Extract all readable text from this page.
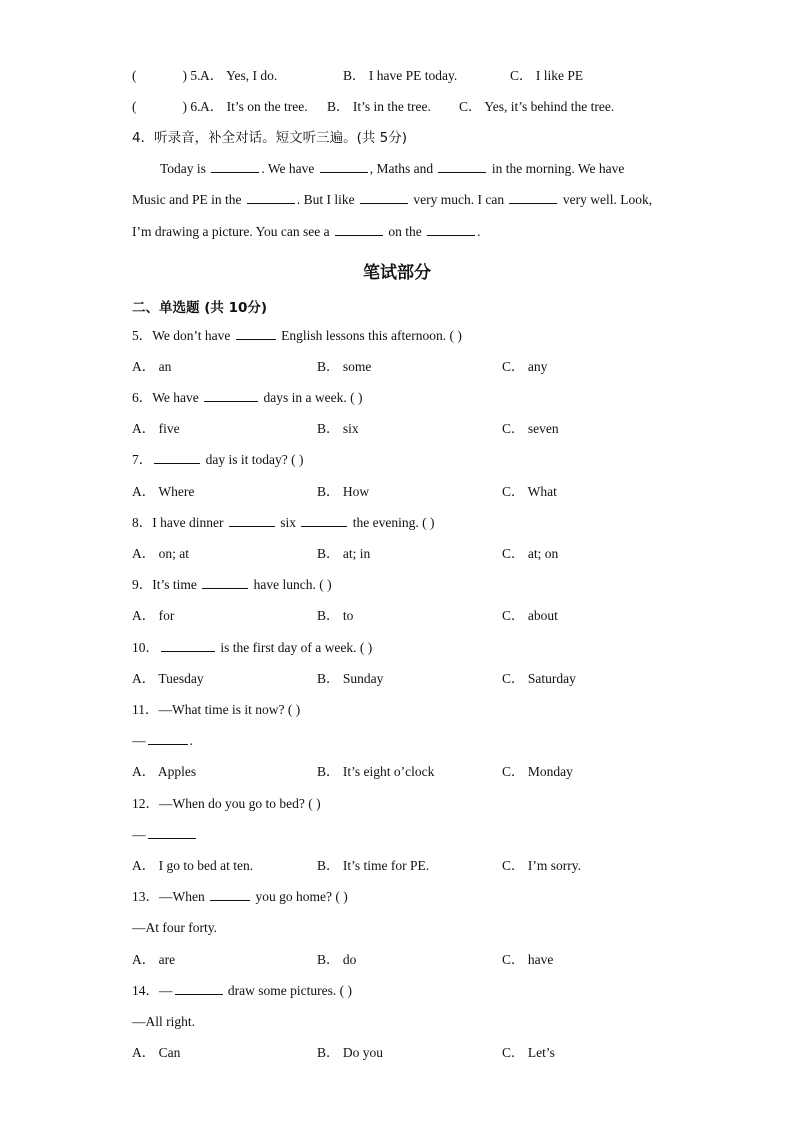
(	) 5. A． Yes, I do.	B． I have PE today.	C． I like PE
(	) 6. A． It’s on the tree. B． It’s in the tree. C． Yes, it’s behind the tree.
4．听录音，补全对话。短文听三遍。(共 5分)
Today is	. We have	, Maths and	in the morning. We have
Music and PE in the	. But I like	very much. I can	very well. Look,
I’m drawing a picture. You can see a	on the	.
笔试部分
二、单选题 (共 10分)
5．We don’t have	English lessons this afternoon. ( )
A． an	B． some	C． any
6．We have	days in a week. ( )
A． five	B． six	C． seven
7．	day is it today? ( )
A． Where	B． How	C． What
8．I have dinner	six	the evening. ( )
A． on; at	B． at; in	C． at; on
9．It’s time	have lunch. ( )
A． for	B． to	C． about
10．	is the first day of a week. ( )
A． Tuesday	B． Sunday	C． Saturday
11．—What time is it now? ( )
—	.
A． Apples	B． It’s eight o’clock	C． Monday
12．—When do you go to bed? ( )
—
A． I go to bed at ten.	B． It’s time for PE.	C． I’m sorry.
13．—When	you go home? ( )
—At four forty.
A． are	B． do	C． have
14．—	draw some pictures. ( )
—All right.
A． Can	B． Do you	C． Let’s
